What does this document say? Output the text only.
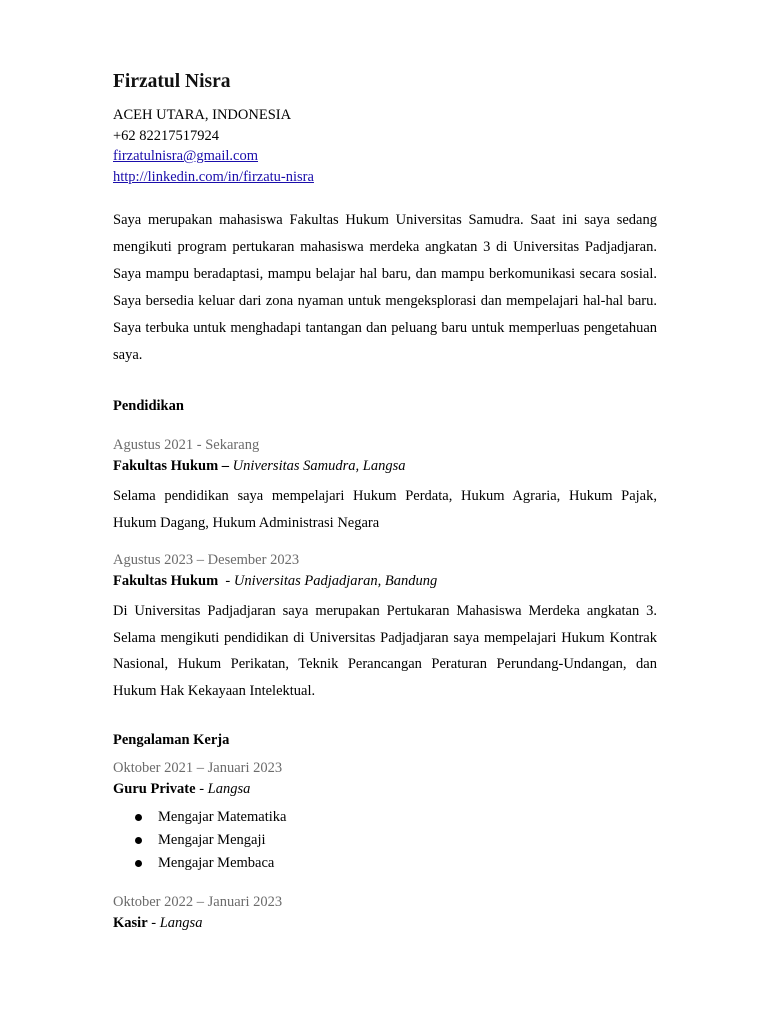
Firzatul Nisra
ACEH UTARA, INDONESIA
+62 82217517924
firzatulnisra@gmail.com
http://linkedin.com/in/firzatu-nisra
Saya merupakan mahasiswa Fakultas Hukum Universitas Samudra. Saat ini saya sedang mengikuti program pertukaran mahasiswa merdeka angkatan 3 di Universitas Padjadjaran. Saya mampu beradaptasi, mampu belajar hal baru, dan mampu berkomunikasi secara sosial. Saya bersedia keluar dari zona nyaman untuk mengeksplorasi dan mempelajari hal-hal baru. Saya terbuka untuk menghadapi tantangan dan peluang baru untuk memperluas pengetahuan saya.
Pendidikan
Agustus 2021 - Sekarang
Fakultas Hukum – Universitas Samudra, Langsa
Selama pendidikan saya mempelajari Hukum Perdata, Hukum Agraria, Hukum Pajak, Hukum Dagang, Hukum Administrasi Negara
Agustus 2023 – Desember 2023
Fakultas Hukum  - Universitas Padjadjaran, Bandung
Di Universitas Padjadjaran saya merupakan Pertukaran Mahasiswa Merdeka angkatan 3. Selama mengikuti pendidikan di Universitas Padjadjaran saya mempelajari Hukum Kontrak Nasional, Hukum Perikatan, Teknik Perancangan Peraturan Perundang-Undangan, dan Hukum Hak Kekayaan Intelektual.
Pengalaman Kerja
Oktober 2021 – Januari 2023
Guru Private - Langsa
Mengajar Matematika
Mengajar Mengaji
Mengajar Membaca
Oktober 2022 – Januari 2023
Kasir - Langsa
